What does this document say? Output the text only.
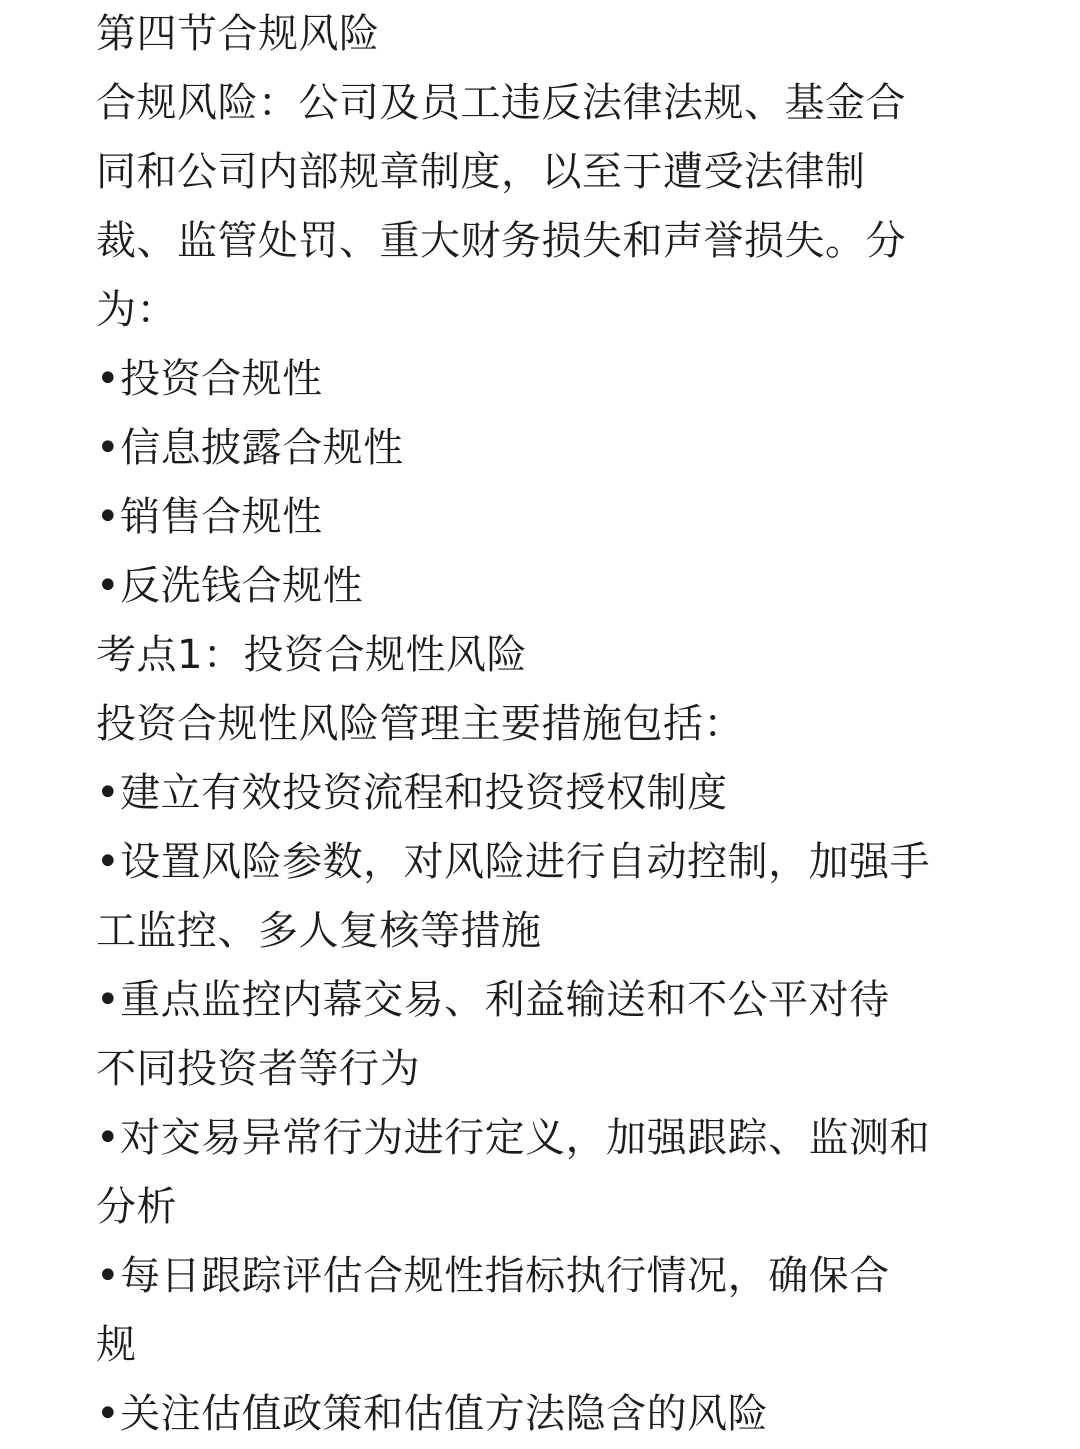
第四节合规风险
合规风险：公司及员工违反法律法规、基金合
同和公司内部规章制度，以至于遭受法律制
裁、监管处罚、重大财务损失和声誉损失。分
为：
•投资合规性
•信息披露合规性
•销售合规性
•反洗钱合规性
考点1：投资合规性风险
投资合规性风险管理主要措施包括：
•建立有效投资流程和投资授权制度
•设置风险参数，对风险进行自动控制，加强手
工监控、多人复核等措施
•重点监控内幕交易、利益输送和不公平对待
不同投资者等行为
•对交易异常行为进行定义，加强跟踪、监测和
分析
•每日跟踪评估合规性指标执行情况，确保合
规
•关注估值政策和估值方法隐含的风险
